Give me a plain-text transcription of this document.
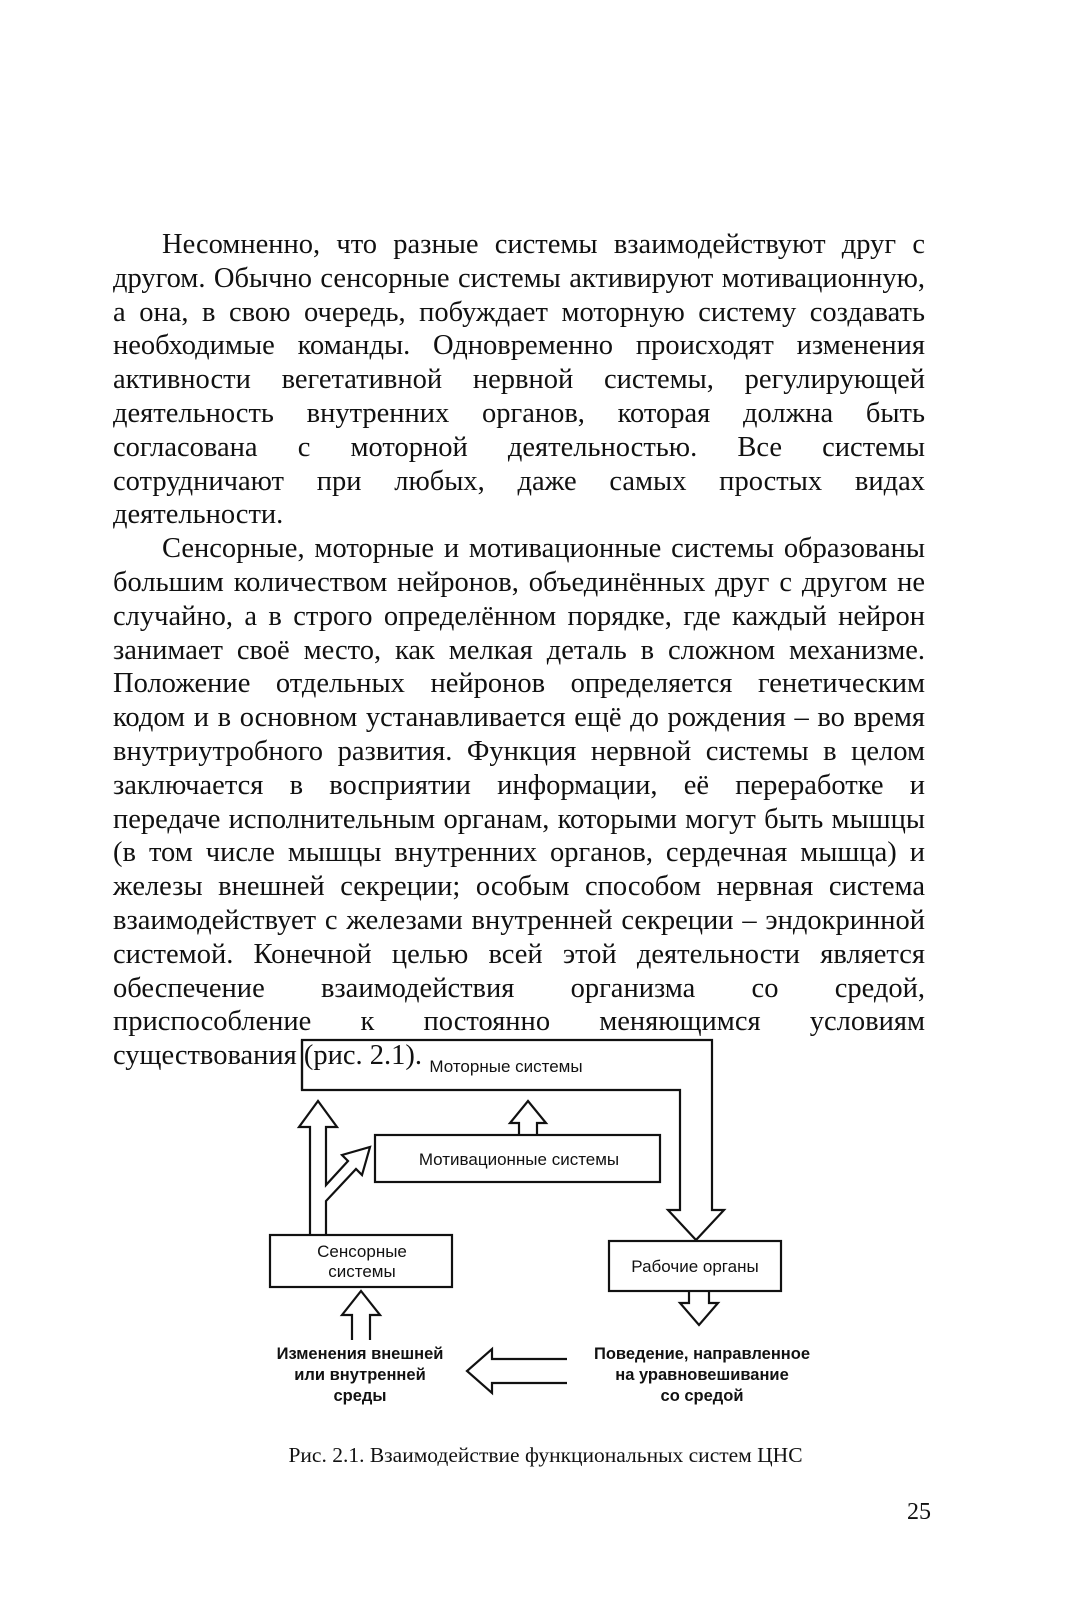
Несомненно, что разные системы взаимодействуют друг с другом. Обычно сенсорные системы активируют мотивационную, а она, в свою очередь, побуждает моторную систему создавать необходимые команды. Одновременно происходят изменения активности вегетативной нервной системы, регулирующей деятельность внутренних органов, которая должна быть согласована с моторной деятельностью. Все системы сотрудничают при любых, даже самых простых видах деятельности.

Сенсорные, моторные и мотивационные системы образованы большим количеством нейронов, объединённых друг с другом не случайно, а в строго определённом порядке, где каждый нейрон занимает своё место, как мелкая деталь в сложном механизме. Положение отдельных нейронов определяется генетическим кодом и в основном устанавливается ещё до рождения – во время внутриутробного развития. Функция нервной системы в целом заключается в восприятии информации, её переработке и передаче исполнительным органам, которыми могут быть мышцы (в том числе мышцы внутренних органов, сердечная мышца) и железы внешней секреции; особым способом нервная система взаимодействует с железами внутренней секреции – эндокринной системой. Конечной целью всей этой деятельности является обеспечение взаимодействия организма со средой, приспособление к постоянно меняющимся условиям существования (рис. 2.1). Моторные системы
Мотивационные системы
Сенсорные
системы	Рабочие органы
Изменения внешней
или внутренней
среды
Поведение, направленное
на уравновешивание
со средой
Рис. 2.1. Взаимодействие функциональных систем ЦНС
25
